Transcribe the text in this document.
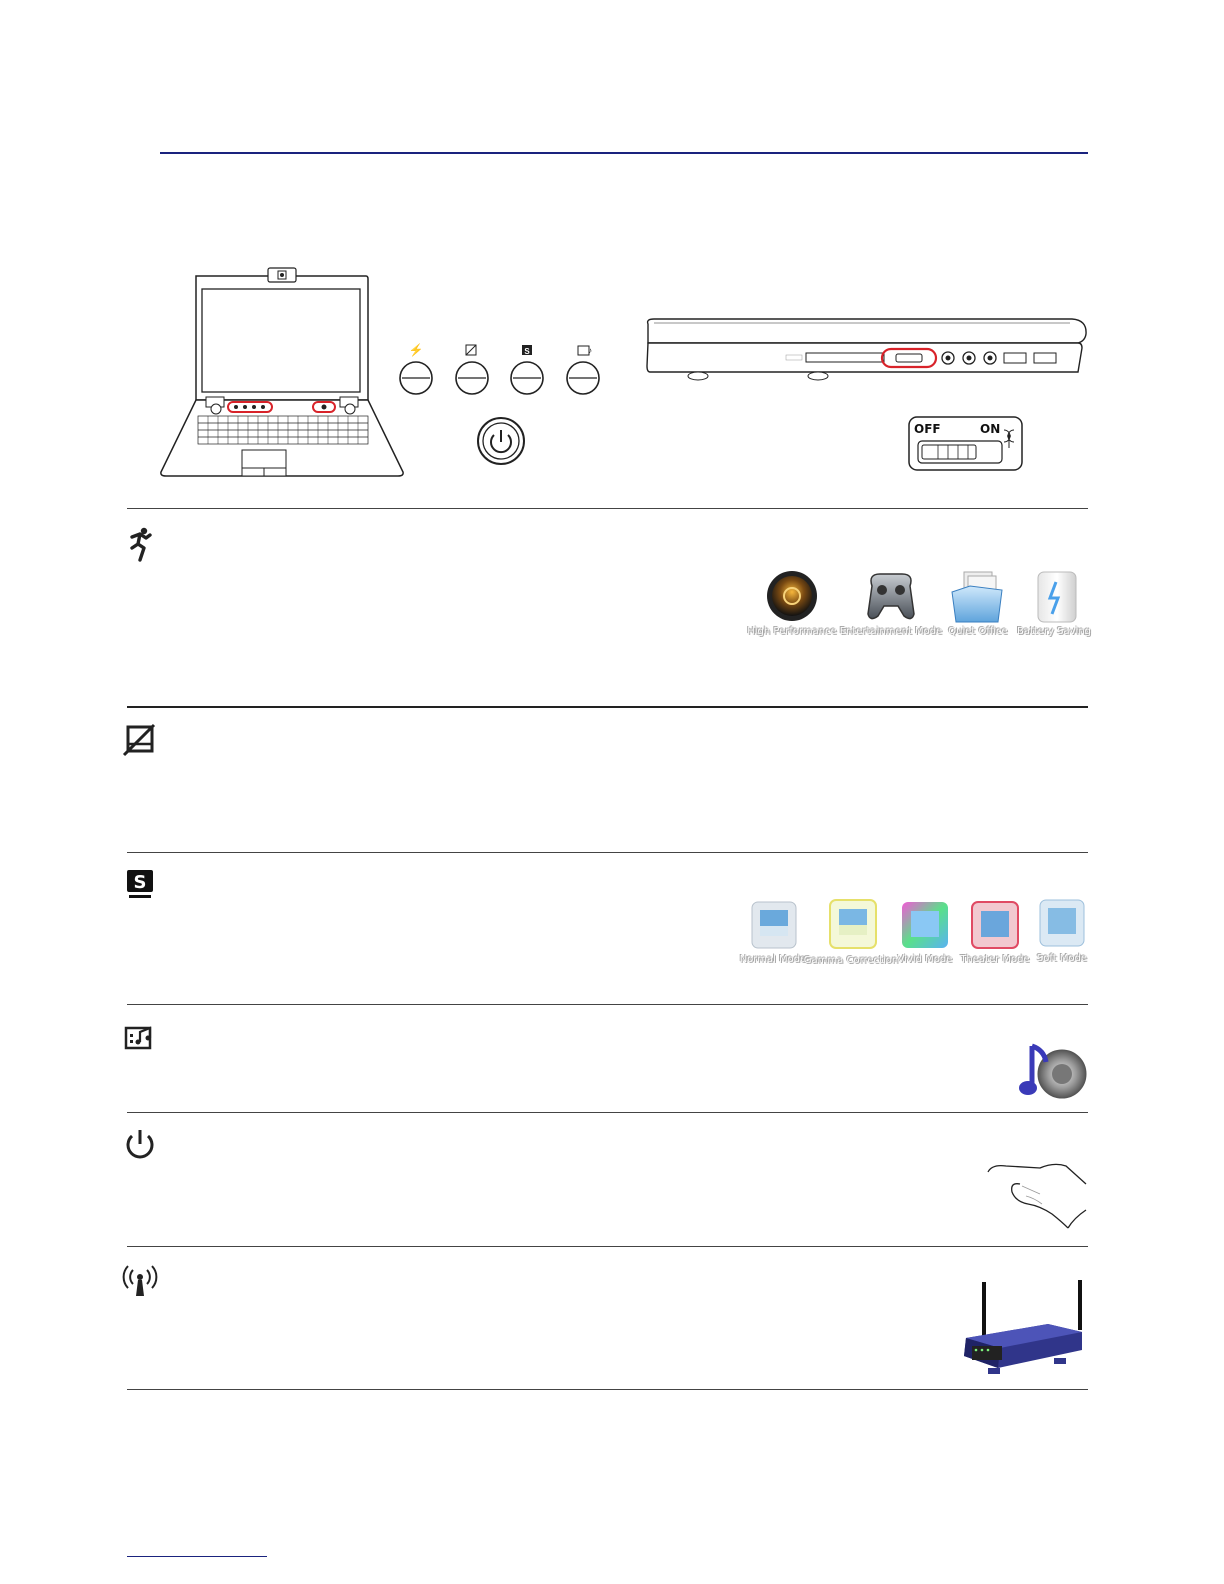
⚡	S	♪
OFF	ON
High Performance Entertainment Mode Quiet Office Battery Saving
S
Normal Mode
Gamma Correction Vivid Mode Theater Mode Soft Mode
